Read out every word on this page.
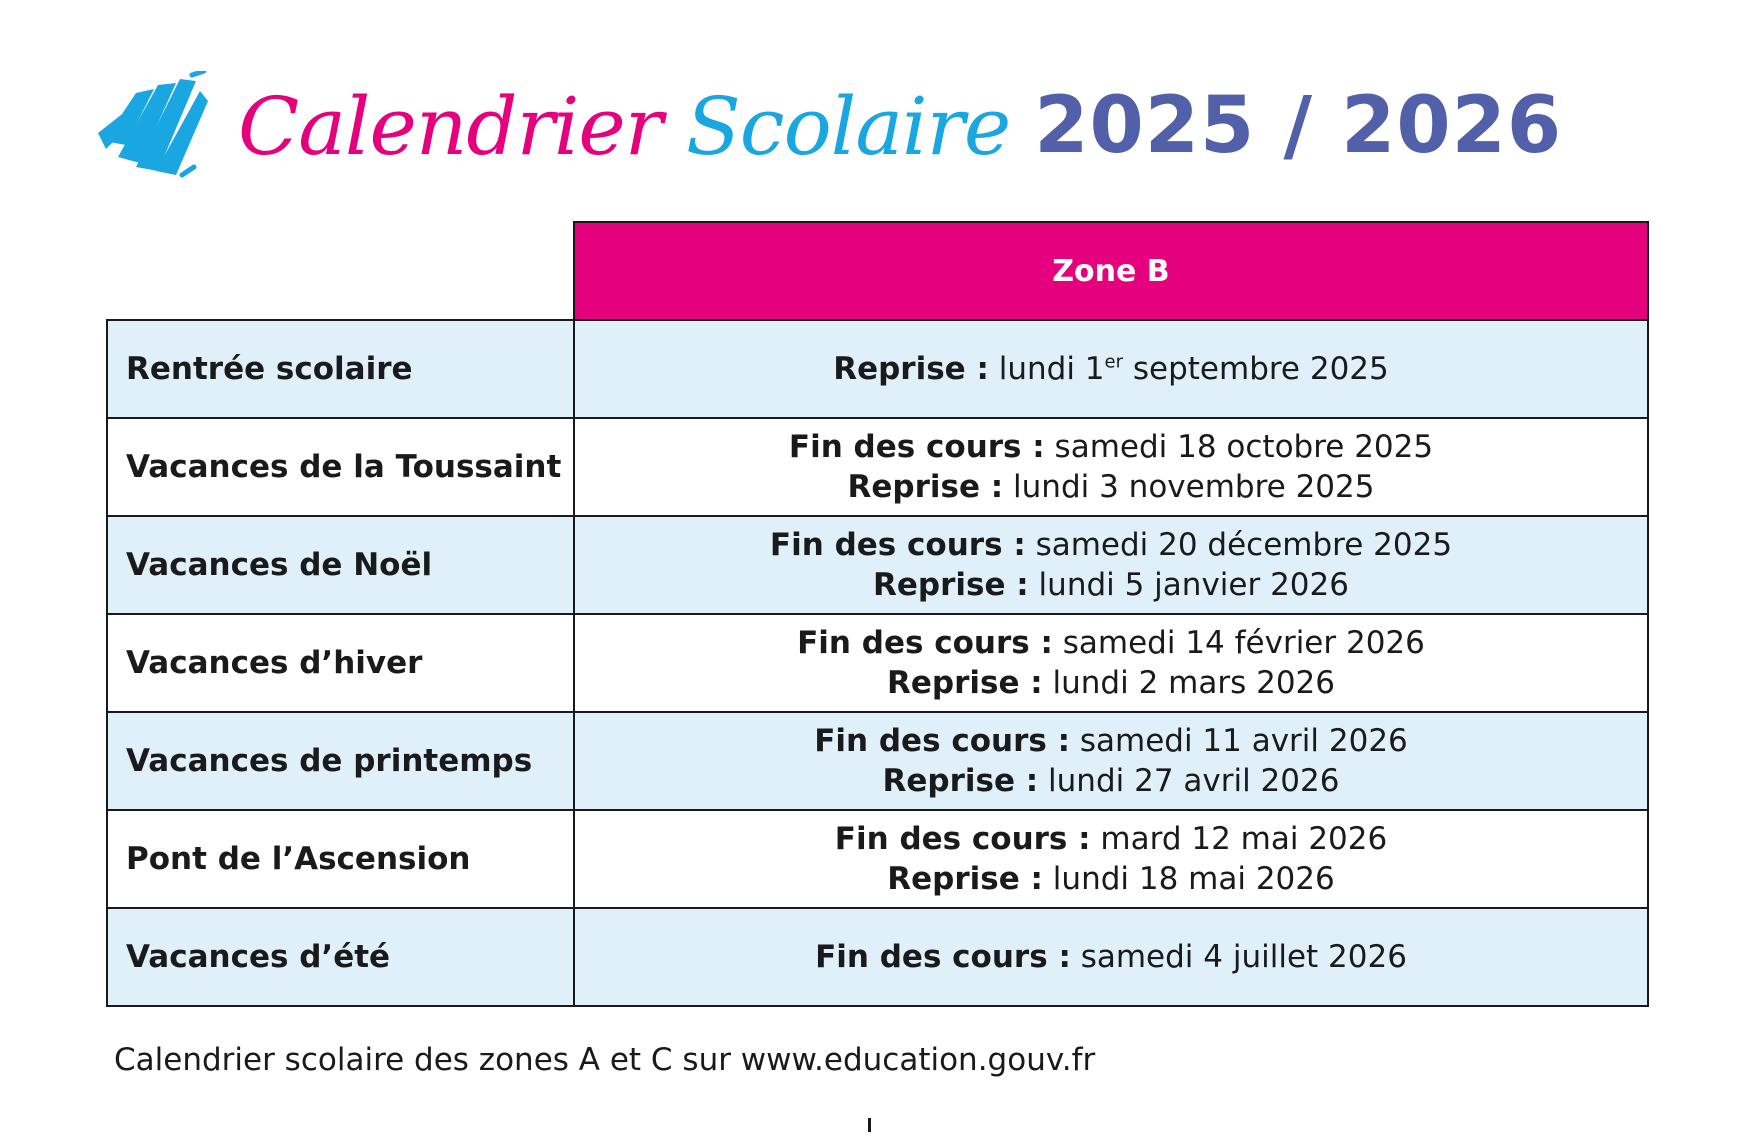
Calendrier Scolaire 2025 / 2026
	Zone B
Rentrée scolaire	Reprise : lundi 1er septembre 2025
Vacances de la Toussaint	Fin des cours : samedi 18 octobre 2025
Reprise : lundi 3 novembre 2025

Vacances de Noël	Fin des cours : samedi 20 décembre 2025
Reprise : lundi 5 janvier 2026

Vacances d’hiver	Fin des cours : samedi 14 février 2026
Reprise : lundi 2 mars 2026

Vacances de printemps	Fin des cours : samedi 11 avril 2026
Reprise : lundi 27 avril 2026

Pont de l’Ascension	Fin des cours : mard 12 mai 2026
Reprise : lundi 18 mai 2026

Vacances d’été	Fin des cours : samedi 4 juillet 2026
Calendrier scolaire des zones A et C sur www.education.gouv.fr
